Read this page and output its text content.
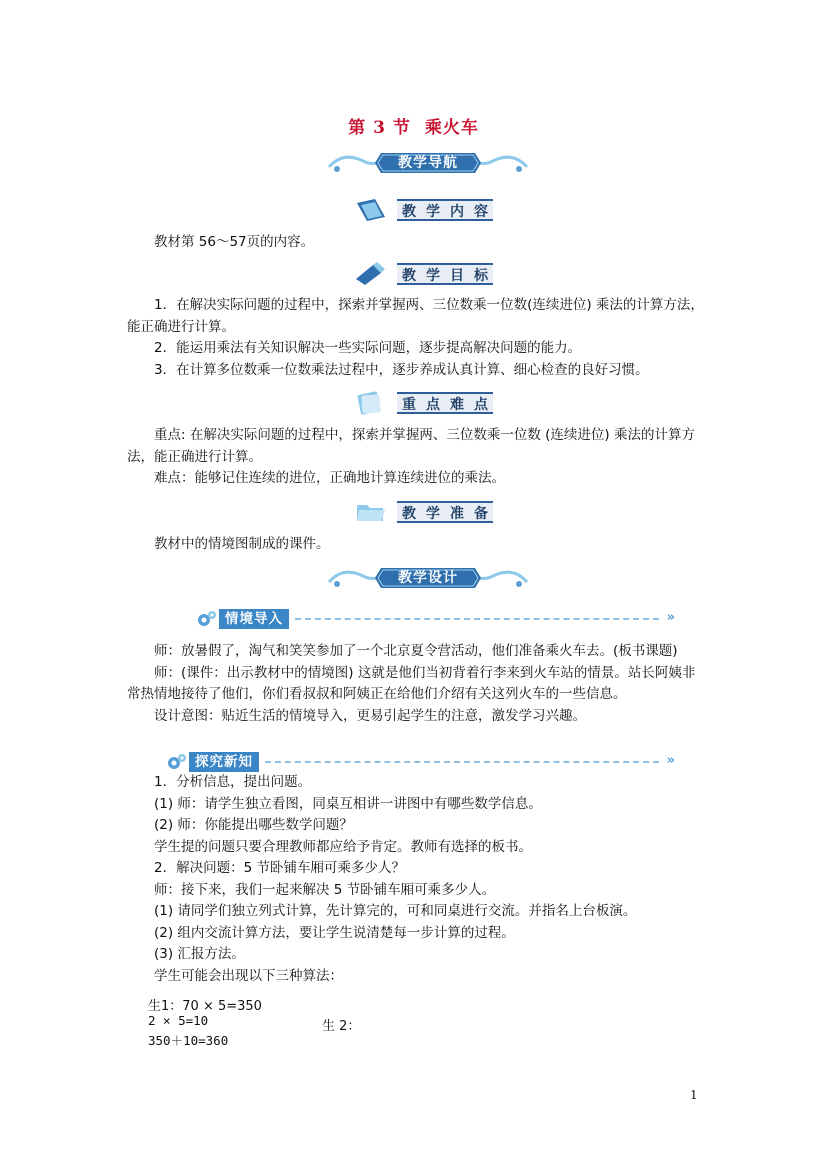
第 3 节 乘火车
教学导航
教 学 内 容

教材第 56～57页的内容。

教 学 目 标

1．在解决实际问题的过程中，探索并掌握两、三位数乘一位数(连续进位) 乘法的计算方法，能正确进行计算。

2．能运用乘法有关知识解决一些实际问题，逐步提高解决问题的能力。

3．在计算多位数乘一位数乘法过程中，逐步养成认真计算、细心检查的良好习惯。

重 点 难 点

重点: 在解决实际问题的过程中，探索并掌握两、三位数乘一位数 (连续进位) 乘法的计算方法，能正确进行计算。

难点：能够记住连续的进位，正确地计算连续进位的乘法。

教 学 准 备

教材中的情境图制成的课件。

教学设计
情境导入	»

师：放暑假了，淘气和笑笑参加了一个北京夏令营活动，他们准备乘火车去。(板书课题)

师：(课件：出示教材中的情境图) 这就是他们当初背着行李来到火车站的情景。站长阿姨非常热情地接待了他们，你们看叔叔和阿姨正在给他们介绍有关这列火车的一些信息。

设计意图：贴近生活的情境导入，更易引起学生的注意，激发学习兴趣。

探究新知	»

1．分析信息，提出问题。

(1) 师：请学生独立看图，同桌互相讲一讲图中有哪些数学信息。

(2) 师：你能提出哪些数学问题？

学生提的问题只要合理教师都应给予肯定。教师有选择的板书。

2．解决问题：5 节卧铺车厢可乘多少人？

师：接下来，我们一起来解决 5 节卧铺车厢可乘多少人。

(1) 请同学们独立列式计算，先计算完的，可和同桌进行交流。并指名上台板演。

(2) 组内交流计算方法，要让学生说清楚每一步计算的过程。

(3) 汇报方法。

学生可能会出现以下三种算法：

生1：70 × 5=350
2 × 5=10	生 2：
350＋10=360
1
